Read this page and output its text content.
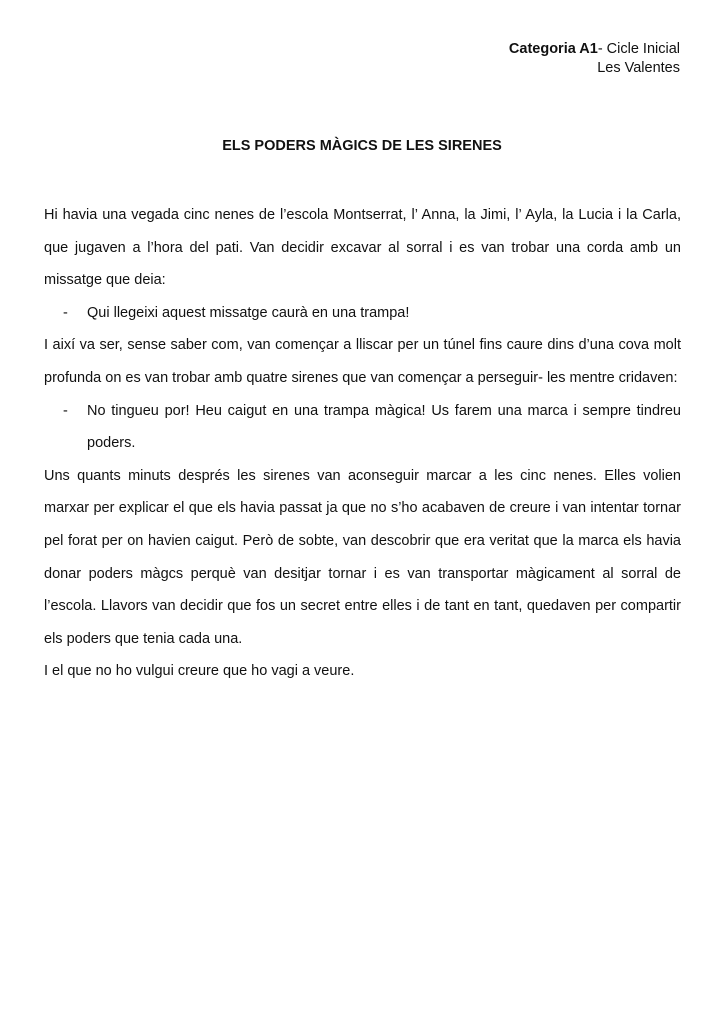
Categoria A1- Cicle Inicial
Les Valentes
ELS PODERS MÀGICS DE LES SIRENES

Hi havia una vegada cinc nenes de l’escola Montserrat, l’ Anna, la Jimi, l’ Ayla, la Lucia i la Carla, que jugaven a l’hora del pati. Van decidir excavar al sorral i es van trobar una corda amb un missatge que deia:

-	Qui llegeixi aquest missatge caurà en una trampa!

I així va ser, sense saber com, van començar a lliscar per un túnel fins caure dins d’una cova molt profunda on es van trobar amb quatre sirenes que van començar a perseguir- les mentre cridaven:

-	No tingueu por! Heu caigut en una trampa màgica! Us farem una marca i sempre tindreu poders.

Uns quants minuts després les sirenes van aconseguir marcar a les cinc nenes. Elles volien marxar per explicar el que els havia passat ja que no s’ho acabaven de creure i van intentar tornar pel forat per on havien caigut. Però de sobte, van descobrir que era veritat que la marca els havia donar poders màgcs perquè van desitjar tornar i es van transportar màgicament al sorral de l’escola. Llavors van decidir que fos un secret entre elles i de tant en tant, quedaven per compartir els poders que tenia cada una.

I el que no ho vulgui creure que ho vagi a veure.
